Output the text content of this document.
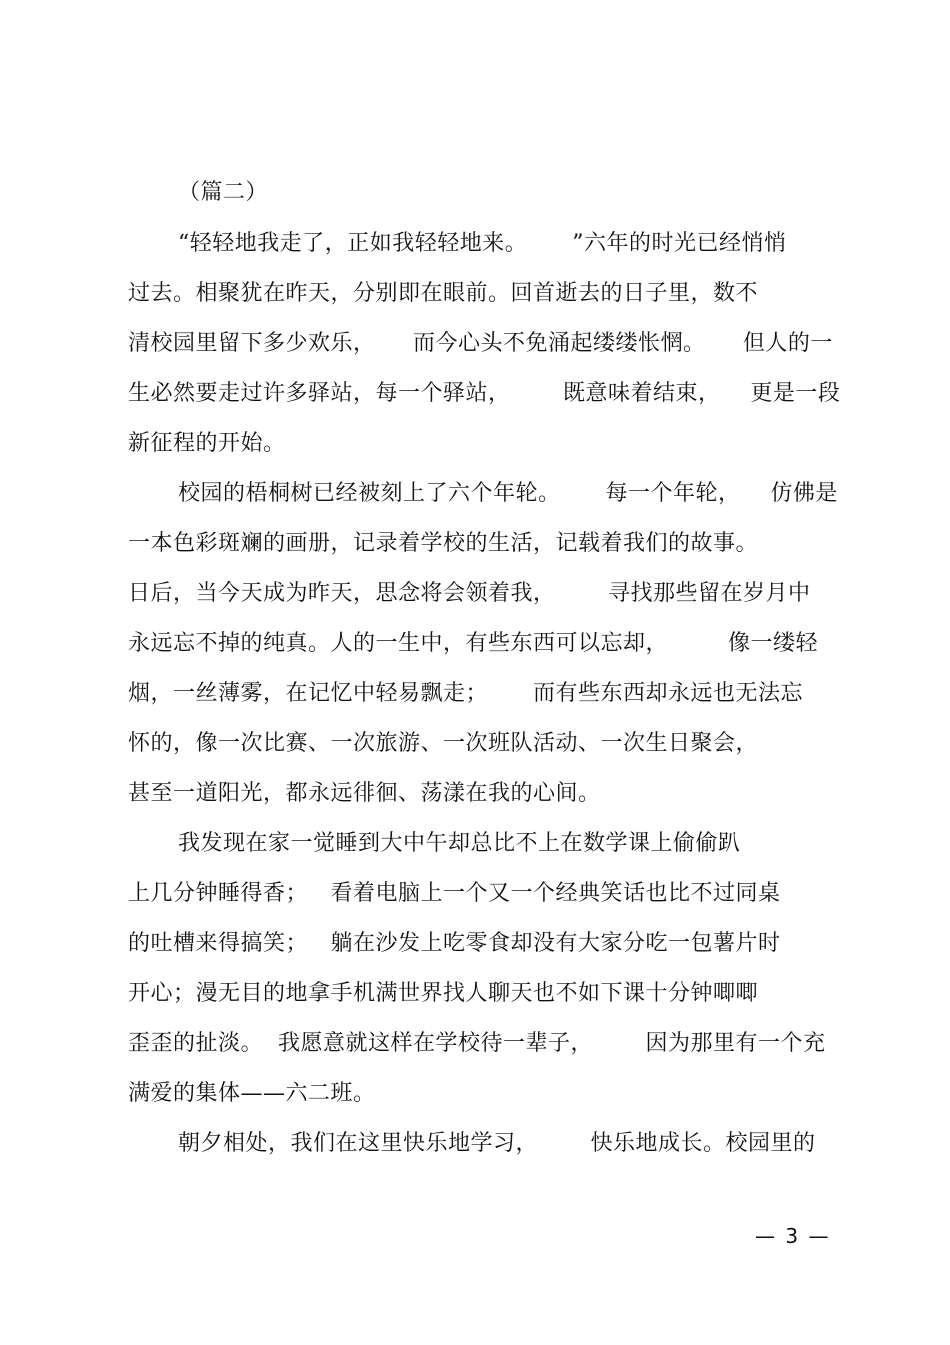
（篇二）
“轻轻地我走了，正如我轻轻地来。      ”六年的时光已经悄悄
过去。相聚犹在昨天，分别即在眼前。回首逝去的日子里，数不
清校园里留下多少欢乐，     而今心头不免涌起缕缕怅惘。     但人的一
生必然要走过许多驿站，每一个驿站，       既意味着结束，    更是一段
新征程的开始。
校园的梧桐树已经被刻上了六个年轮。      每一个年轮，    仿佛是
一本色彩斑斓的画册，记录着学校的生活，记载着我们的故事。
日后，当今天成为昨天，思念将会领着我，       寻找那些留在岁月中
永远忘不掉的纯真。人的一生中，有些东西可以忘却，        像一缕轻
烟，一丝薄雾，在记忆中轻易飘走；      而有些东西却永远也无法忘
怀的，像一次比赛、一次旅游、一次班队活动、一次生日聚会，
甚至一道阳光，都永远徘徊、荡漾在我的心间。
我发现在家一觉睡到大中午却总比不上在数学课上偷偷趴
上几分钟睡得香；   看着电脑上一个又一个经典笑话也比不过同桌
的吐槽来得搞笑；   躺在沙发上吃零食却没有大家分吃一包薯片时
开心；漫无目的地拿手机满世界找人聊天也不如下课十分钟唧唧
歪歪的扯淡。  我愿意就这样在学校待一辈子，       因为那里有一个充
满爱的集体——六二班。
朝夕相处，我们在这里快乐地学习，       快乐地成长。校园里的
— 3 —
